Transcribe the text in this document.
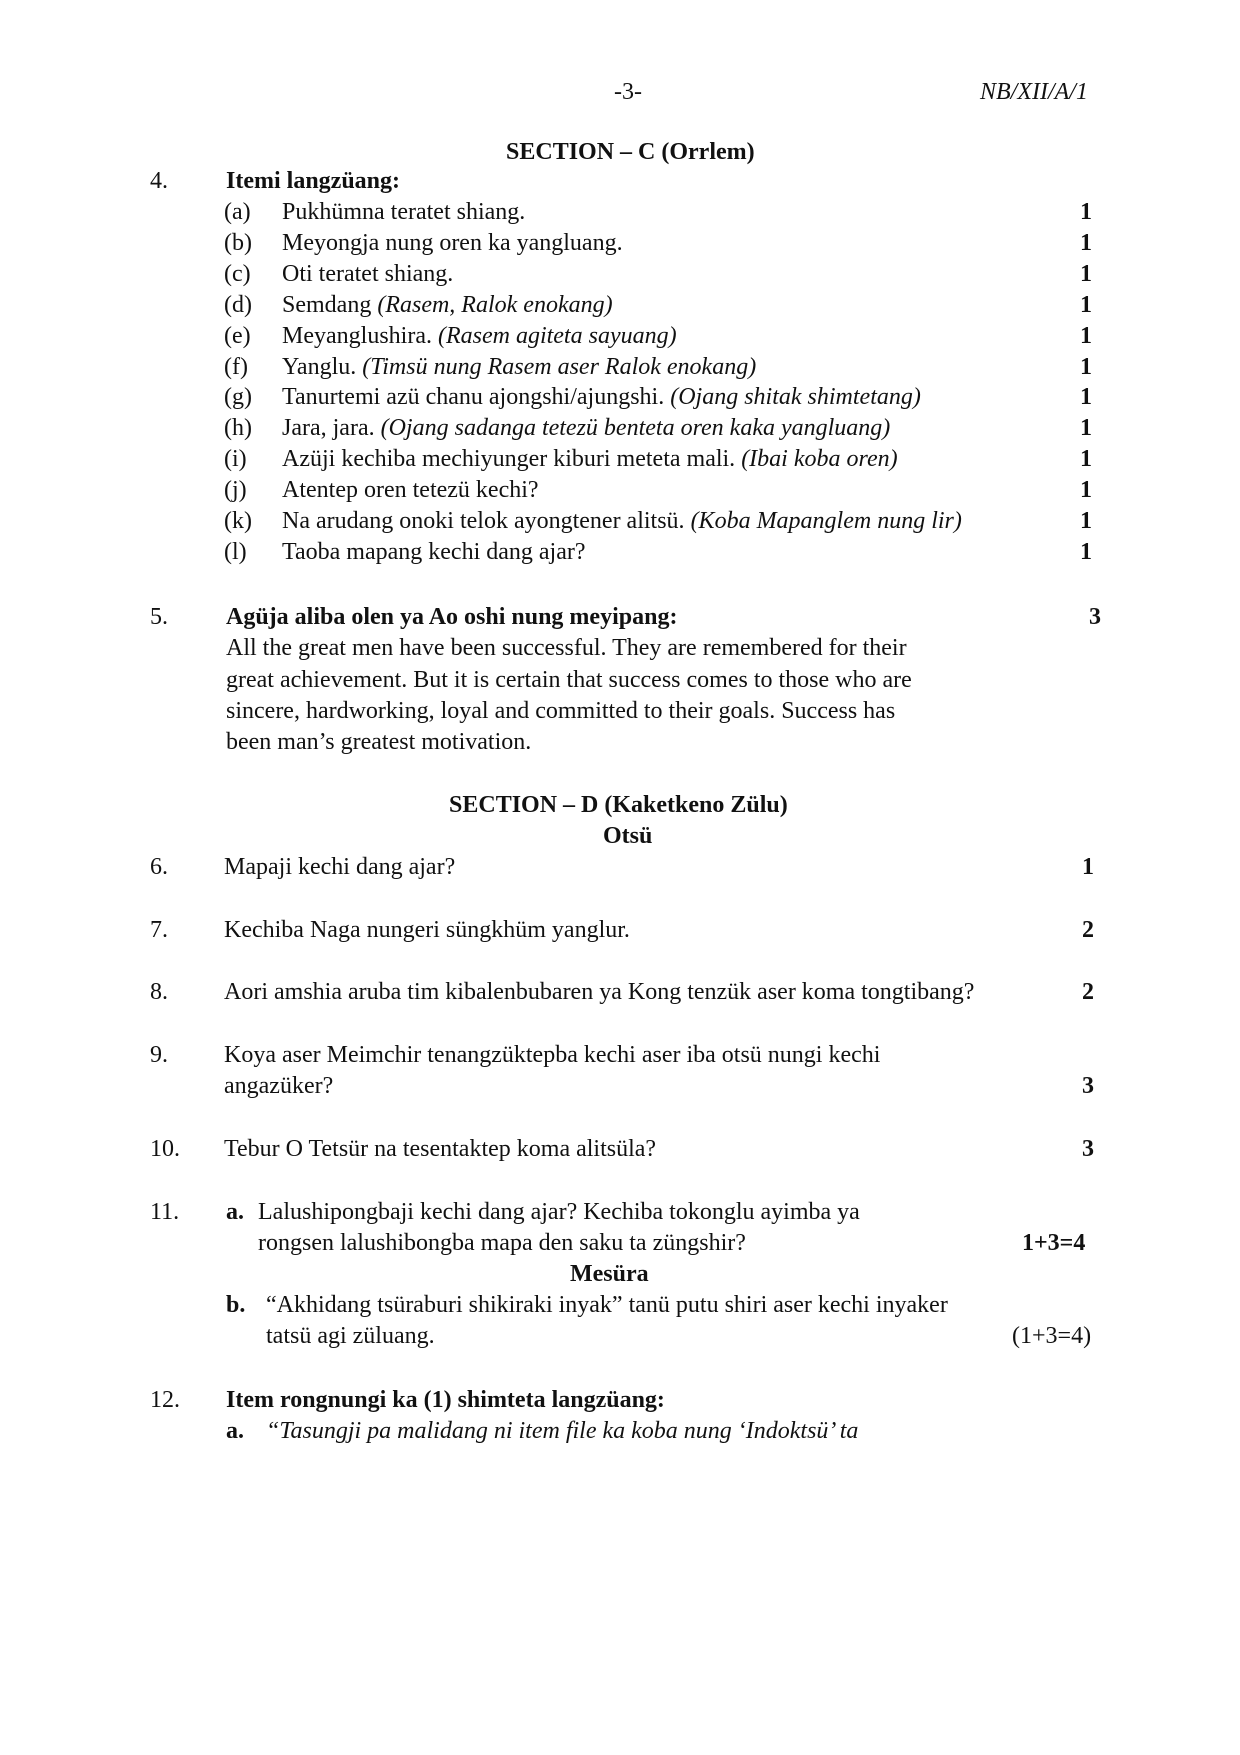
-3-	NB/XII/A/1
SECTION – C (Orrlem)
4. Itemi langzüang:
(a) Pukhümna teratet shiang.	1
(b) Meyongja nung oren ka yangluang.	1
(c) Oti teratet shiang.	1
(d) Semdang (Rasem, Ralok enokang)	1
(e) Meyanglushira. (Rasem agiteta sayuang)	1
(f) Yanglu. (Timsü nung Rasem aser Ralok enokang)	1
(g) Tanurtemi azü chanu ajongshi/ajungshi. (Ojang shitak shimtetang)	1
(h) Jara, jara. (Ojang sadanga tetezü benteta oren kaka yangluang)	1
(i) Azüji kechiba mechiyunger kiburi meteta mali. (Ibai koba oren)	1
(j) Atentep oren tetezü kechi?	1
(k) Na arudang onoki telok ayongtener alitsü. (Koba Mapanglem nung lir)	1
(l) Taoba mapang kechi dang ajar?	1
5. Agüja aliba olen ya Ao oshi nung meyipang:	3
All the great men have been successful. They are remembered for their
great achievement. But it is certain that success comes to those who are
sincere, hardworking, loyal and committed to their goals. Success has
been man’s greatest motivation.
SECTION – D (Kaketkeno Zülu)
Otsü
6. Mapaji kechi dang ajar?	1
7. Kechiba Naga nungeri süngkhüm yanglur.	2
8. Aori amshia aruba tim kibalenbubaren ya Kong tenzük aser koma tongtibang?	2
9. Koya aser Meimchir tenangzüktepba kechi aser iba otsü nungi kechi
angazüker?	3
10. Tebur O Tetsür na tesentaktep koma alitsüla?	3
11. a. Lalushipongbaji kechi dang ajar? Kechiba tokonglu ayimba ya
rongsen lalushibongba mapa den saku ta züngshir?	1+3=4
Mesüra
b. “Akhidang tsüraburi shikiraki inyak” tanü putu shiri aser kechi inyaker
tatsü agi züluang.	(1+3=4)
12. Item rongnungi ka (1) shimteta langzüang:
a. “Tasungji pa malidang ni item file ka koba nung ‘Indoktsü’ ta
